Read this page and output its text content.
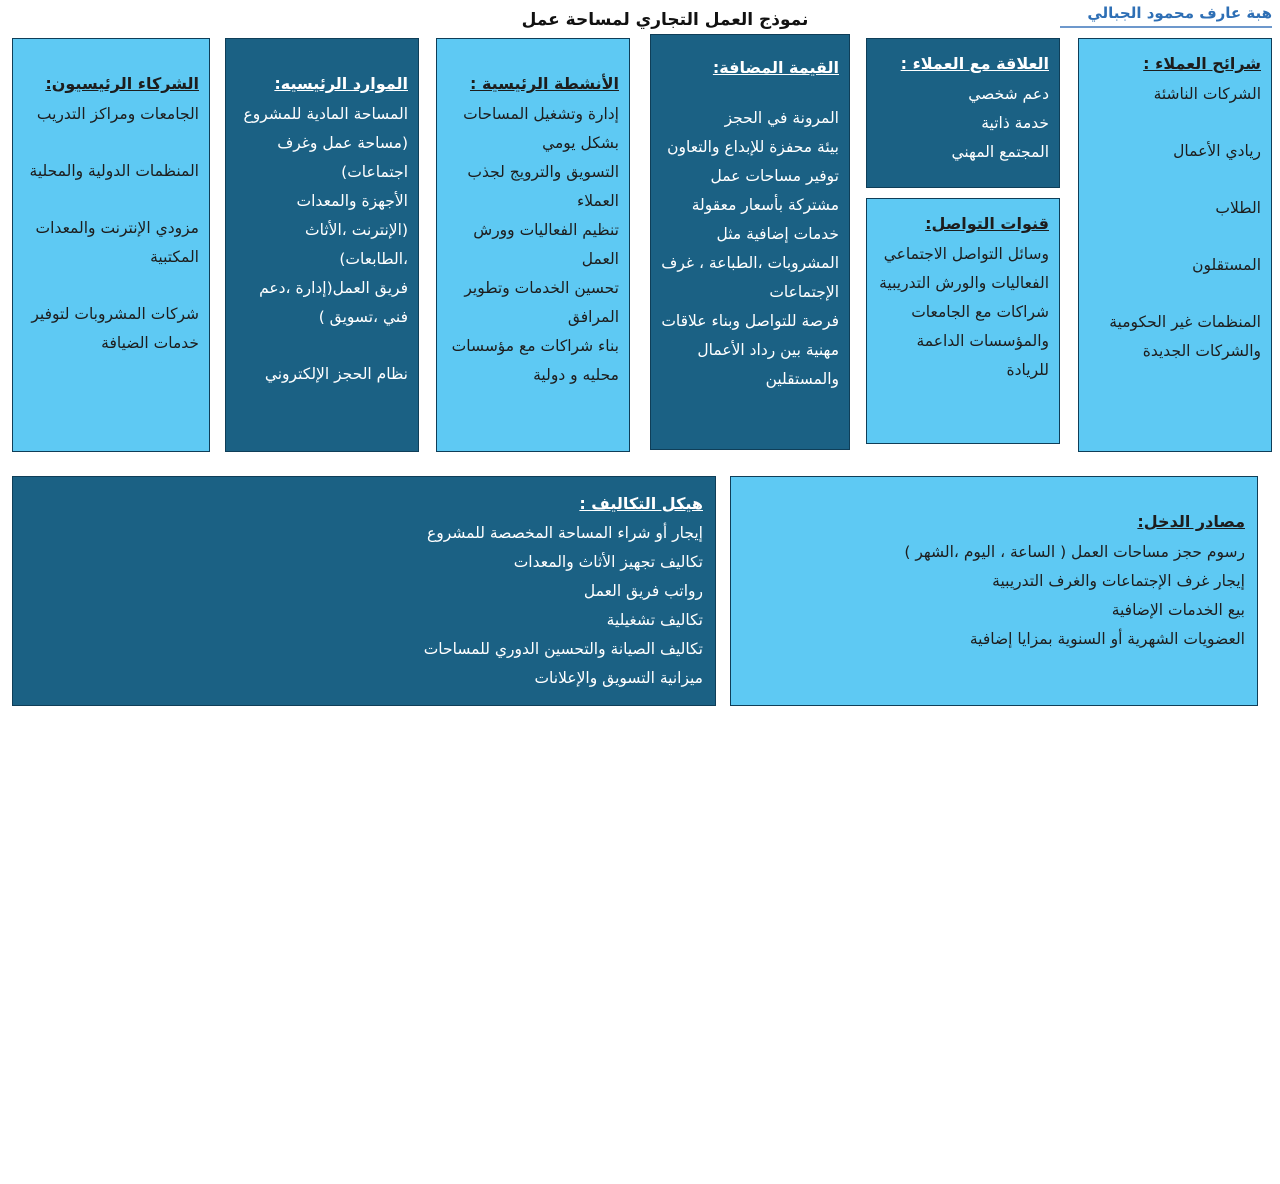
نموذج العمل التجاري لمساحة عمل	هبة عارف محمود الجبالي
شرائح العملاء :
الشركات الناشئة
ريادي الأعمال
الطلاب
المستقلون
المنظمات غير الحكومية والشركات الجديدة
العلاقة مع العملاء :
دعم شخصي
خدمة ذاتية
المجتمع المهني
قنوات التواصل:
وسائل التواصل الاجتماعي
الفعاليات والورش التدريبية
شراكات مع الجامعات والمؤسسات الداعمة للريادة
القيمة المضافة:
المرونة في الحجز
بيئة محفزة للإبداع والتعاون
توفير مساحات عمل مشتركة بأسعار معقولة
خدمات إضافية مثل المشروبات ،الطباعة ، غرف الإجتماعات
فرصة للتواصل وبناء علاقات مهنية بين رداد الأعمال والمستقلين
الأنشطة الرئيسية :
إدارة وتشغيل المساحات بشكل يومي
التسويق والترويج لجذب العملاء
تنظيم الفعاليات وورش العمل
تحسين الخدمات وتطوير المرافق
بناء شراكات مع مؤسسات محليه و دولية
الموارد الرئيسيه:
المساحة المادية للمشروع (مساحة عمل وغرف اجتماعات)
الأجهزة والمعدات (الإنترنت ،الأثاث ،الطابعات)
فريق العمل(إدارة ،دعم فني ،تسويق )
نظام الحجز الإلكتروني
الشركاء الرئيسيون:
الجامعات ومراكز التدريب
المنظمات الدولية والمحلية
مزودي الإنترنت والمعدات المكتبية
شركات المشروبات لتوفير خدمات الضيافة
هيكل التكاليف :
إيجار أو شراء المساحة المخصصة للمشروع
تكاليف تجهيز الأثاث والمعدات
رواتب فريق العمل
تكاليف تشغيلية
تكاليف الصيانة والتحسين الدوري للمساحات
ميزانية التسويق والإعلانات
مستقل
mostaql.com
مصادر الدخل:
رسوم حجز مساحات العمل ( الساعة ، اليوم ،الشهر )
إيجار غرف الإجتماعات والغرف التدريبية
بيع الخدمات الإضافية
العضويات الشهرية أو السنوية بمزايا إضافية
